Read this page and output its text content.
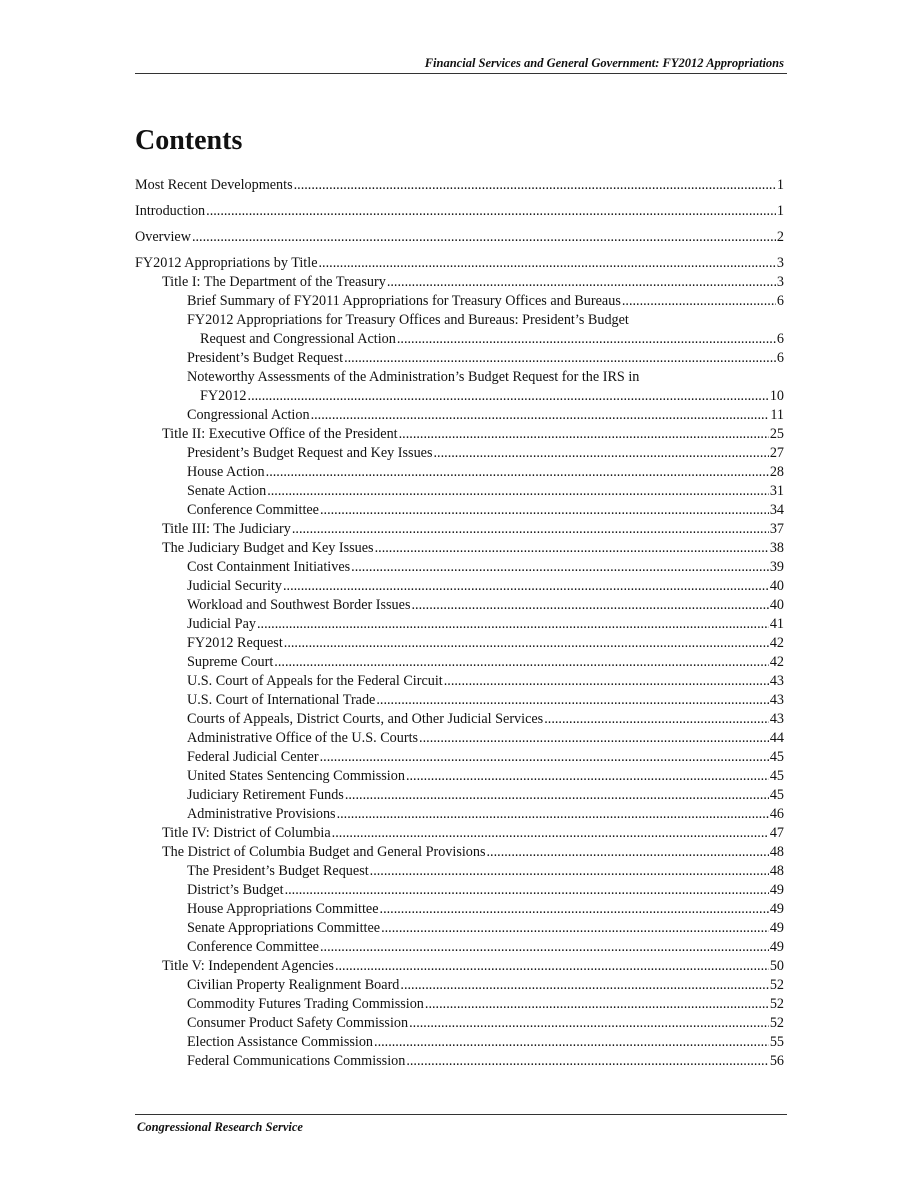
Financial Services and General Government: FY2012 Appropriations
Contents
Most Recent Developments .....	1
Introduction .....	1
Overview .....	2
FY2012 Appropriations by Title .....	3
Title I: The Department of the Treasury .....	3
Brief Summary of FY2011 Appropriations for Treasury Offices and Bureaus .....	6
FY2012 Appropriations for Treasury Offices and Bureaus: President’s Budget
Request and Congressional Action .....	6
President’s Budget Request .....	6
Noteworthy Assessments of the Administration’s Budget Request for the IRS in
FY2012 .....	10
Congressional Action .....	11
Title II: Executive Office of the President .....	25
President’s Budget Request and Key Issues .....	27
House Action .....	28
Senate Action .....	31
Conference Committee .....	34
Title III: The Judiciary .....	37
The Judiciary Budget and Key Issues .....	38
Cost Containment Initiatives .....	39
Judicial Security .....	40
Workload and Southwest Border Issues .....	40
Judicial Pay .....	41
FY2012 Request .....	42
Supreme Court .....	42
U.S. Court of Appeals for the Federal Circuit .....	43
U.S. Court of International Trade .....	43
Courts of Appeals, District Courts, and Other Judicial Services .....	43
Administrative Office of the U.S. Courts .....	44
Federal Judicial Center .....	45
United States Sentencing Commission .....	45
Judiciary Retirement Funds .....	45
Administrative Provisions .....	46
Title IV: District of Columbia .....	47
The District of Columbia Budget and General Provisions .....	48
The President’s Budget Request .....	48
District’s Budget .....	49
House Appropriations Committee .....	49
Senate Appropriations Committee .....	49
Conference Committee .....	49
Title V: Independent Agencies .....	50
Civilian Property Realignment Board .....	52
Commodity Futures Trading Commission .....	52
Consumer Product Safety Commission .....	52
Election Assistance Commission .....	55
Federal Communications Commission .....	56
Congressional Research Service
